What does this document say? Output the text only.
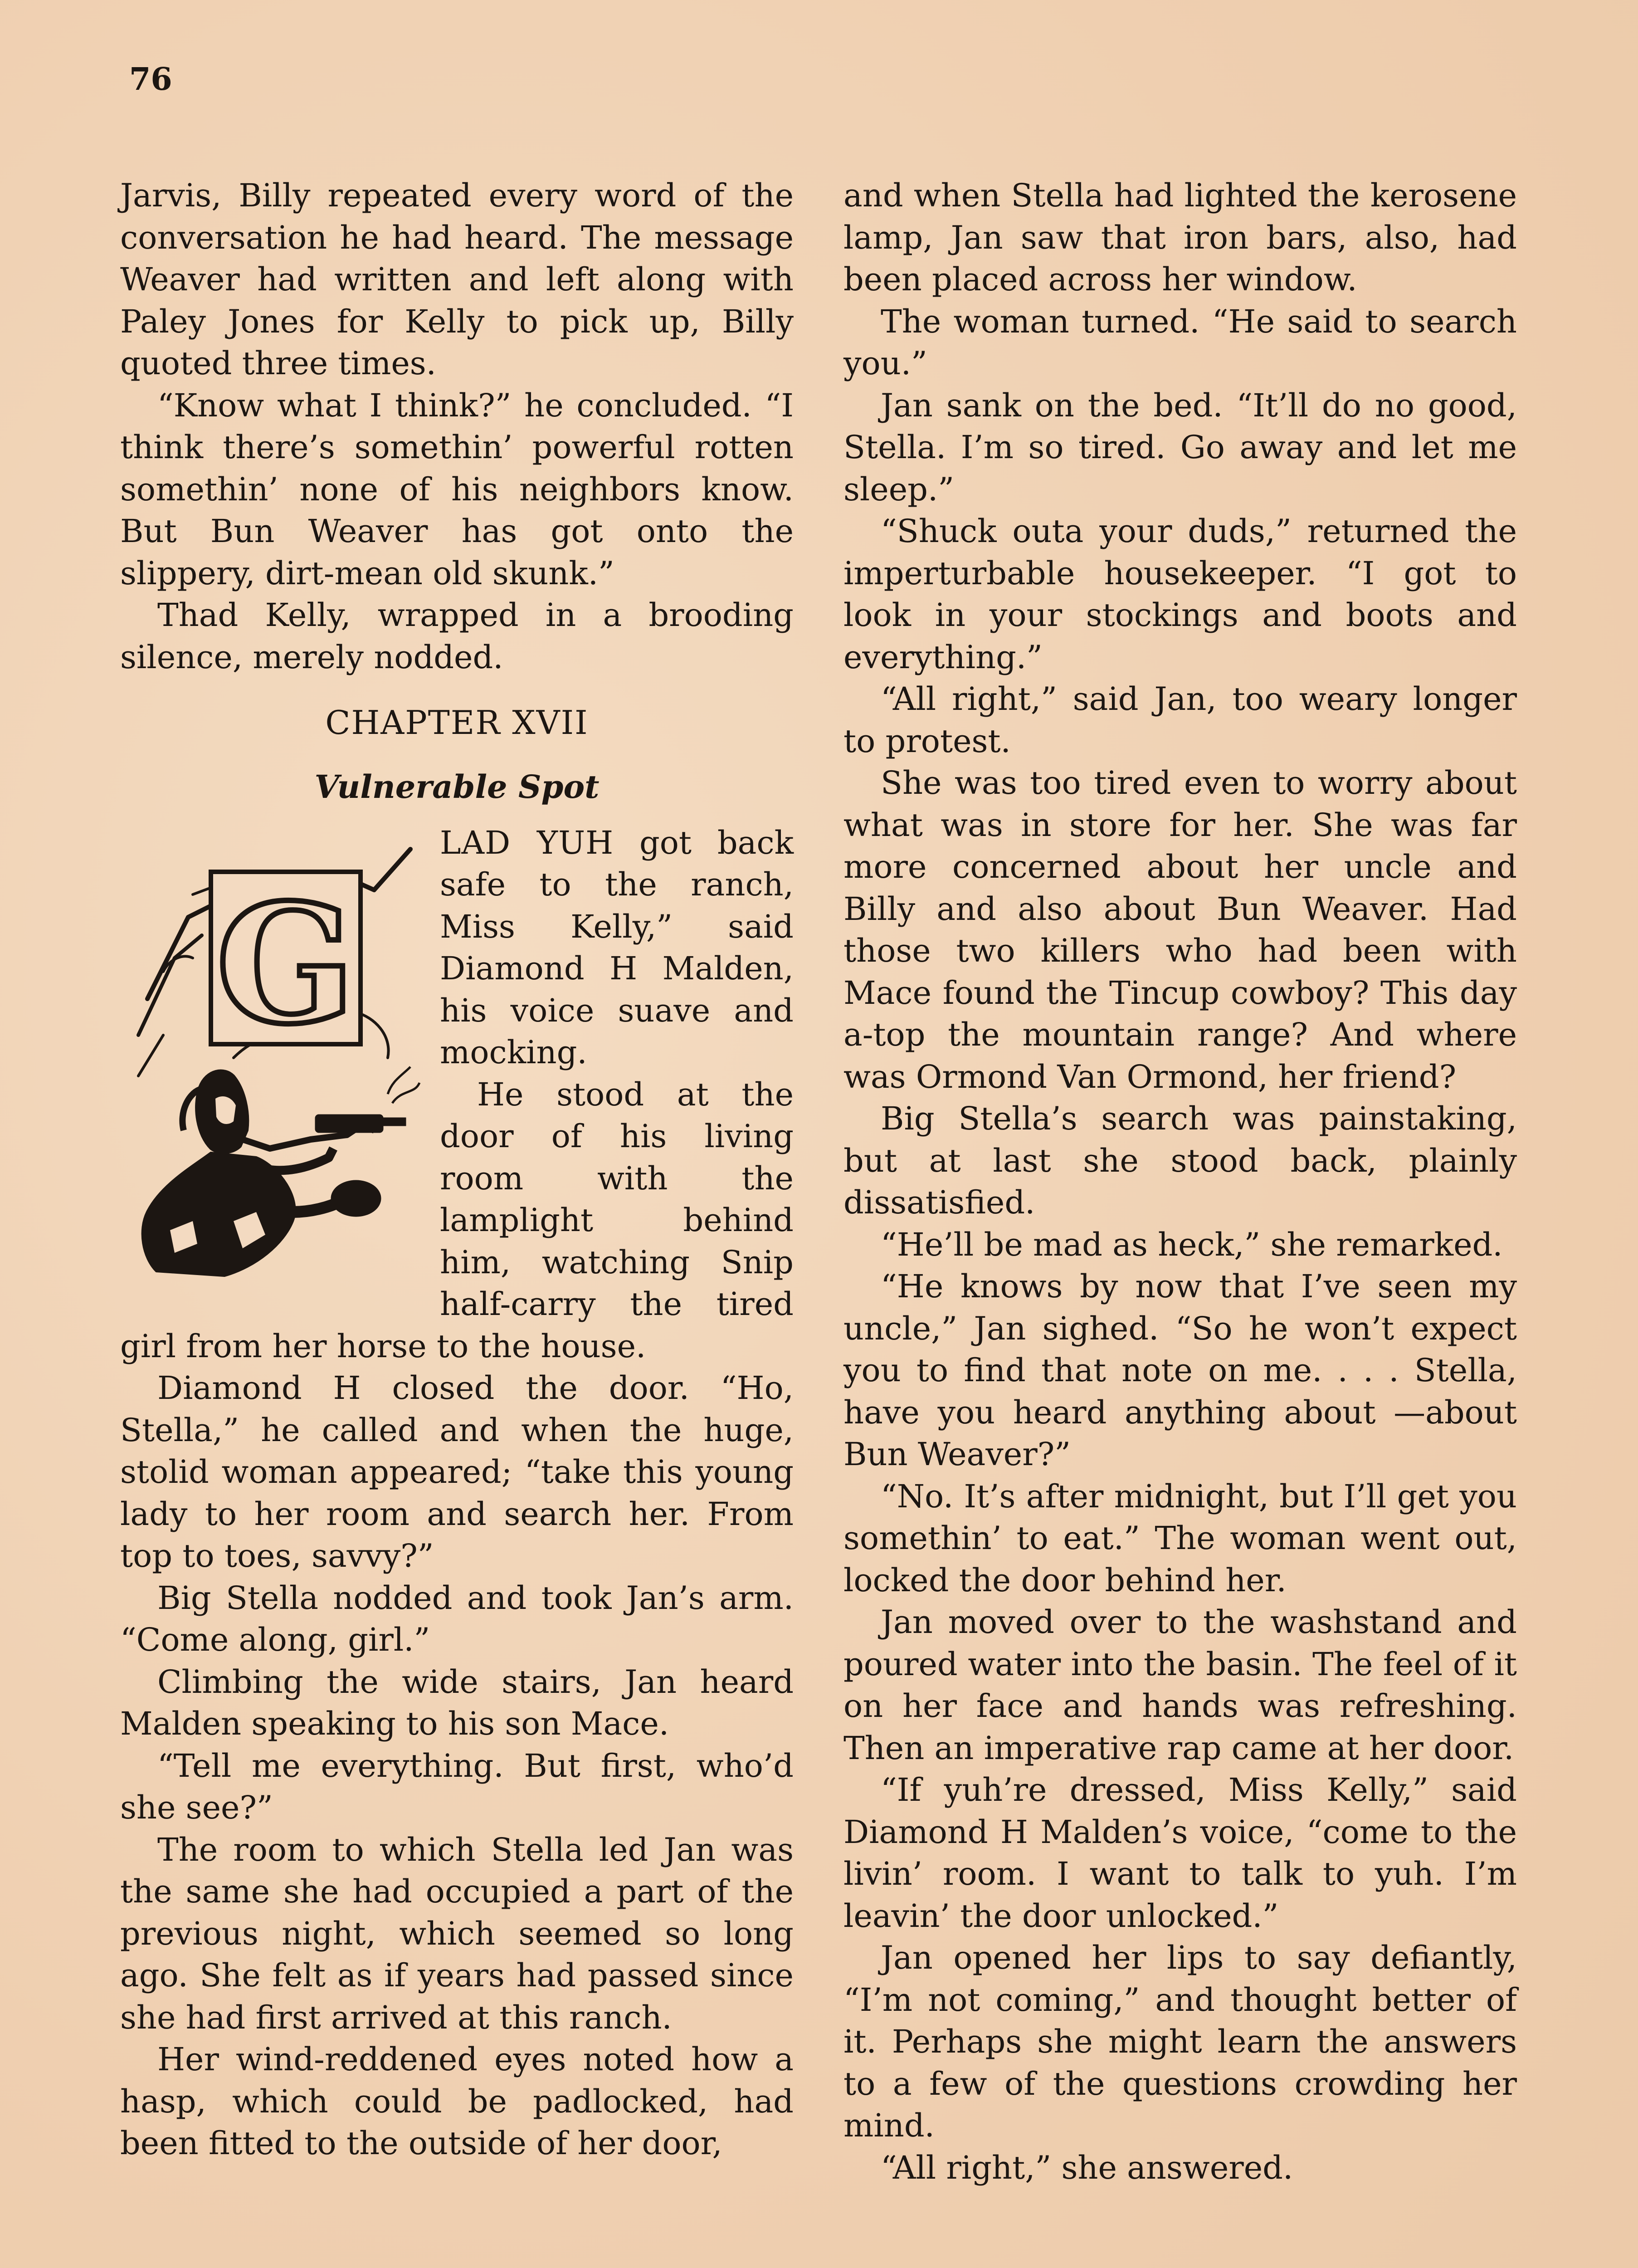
76

Jarvis, Billy repeated every word of the conversation he had heard. The message Weaver had written and left along with Paley Jones for Kelly to pick up, Billy quoted three times.

“Know what I think?” he concluded. “I think there’s somethin’ powerful rotten somethin’ none of his neighbors know. But Bun Weaver has got onto the slippery, dirt-mean old skunk.”

Thad Kelly, wrapped in a brooding silence, merely nodded.

CHAPTER XVII

Vulnerable Spot

G

LAD YUH got back safe to the ranch, Miss Kelly,” said Diamond H Malden, his voice suave and mocking.

He stood at the door of his living room with the lamplight behind him, watching Snip half-carry the tired girl from her horse to the house.

Diamond H closed the door. “Ho, Stella,” he called and when the huge, stolid woman appeared; “take this young lady to her room and search her. From top to toes, savvy?”

Big Stella nodded and took Jan’s arm. “Come along, girl.”

Climbing the wide stairs, Jan heard Malden speaking to his son Mace.

“Tell me everything. But first, who’d she see?”

The room to which Stella led Jan was the same she had occupied a part of the previous night, which seemed so long ago. She felt as if years had passed since she had first arrived at this ranch.

Her wind-reddened eyes noted how a hasp, which could be padlocked, had been fitted to the outside of her door,

and when Stella had lighted the kerosene lamp, Jan saw that iron bars, also, had been placed across her window.

The woman turned. “He said to search you.”

Jan sank on the bed. “It’ll do no good, Stella. I’m so tired. Go away and let me sleep.”

“Shuck outa your duds,” returned the imperturbable housekeeper. “I got to look in your stockings and boots and everything.”

“All right,” said Jan, too weary longer to protest.

She was too tired even to worry about what was in store for her. She was far more concerned about her uncle and Billy and also about Bun Weaver. Had those two killers who had been with Mace found the Tincup cowboy? This day a-top the mountain range? And where was Ormond Van Ormond, her friend?

Big Stella’s search was painstaking, but at last she stood back, plainly dissatisfied.

“He’ll be mad as heck,” she remarked.

“He knows by now that I’ve seen my uncle,” Jan sighed. “So he won’t expect you to find that note on me. . . . Stella, have you heard anything about —about Bun Weaver?”

“No. It’s after midnight, but I’ll get you somethin’ to eat.” The woman went out, locked the door behind her.

Jan moved over to the washstand and poured water into the basin. The feel of it on her face and hands was refreshing. Then an imperative rap came at her door.

“If yuh’re dressed, Miss Kelly,” said Diamond H Malden’s voice, “come to the livin’ room. I want to talk to yuh. I’m leavin’ the door unlocked.”

Jan opened her lips to say defiantly, “I’m not coming,” and thought better of it. Perhaps she might learn the answers to a few of the questions crowding her mind.

“All right,” she answered.
